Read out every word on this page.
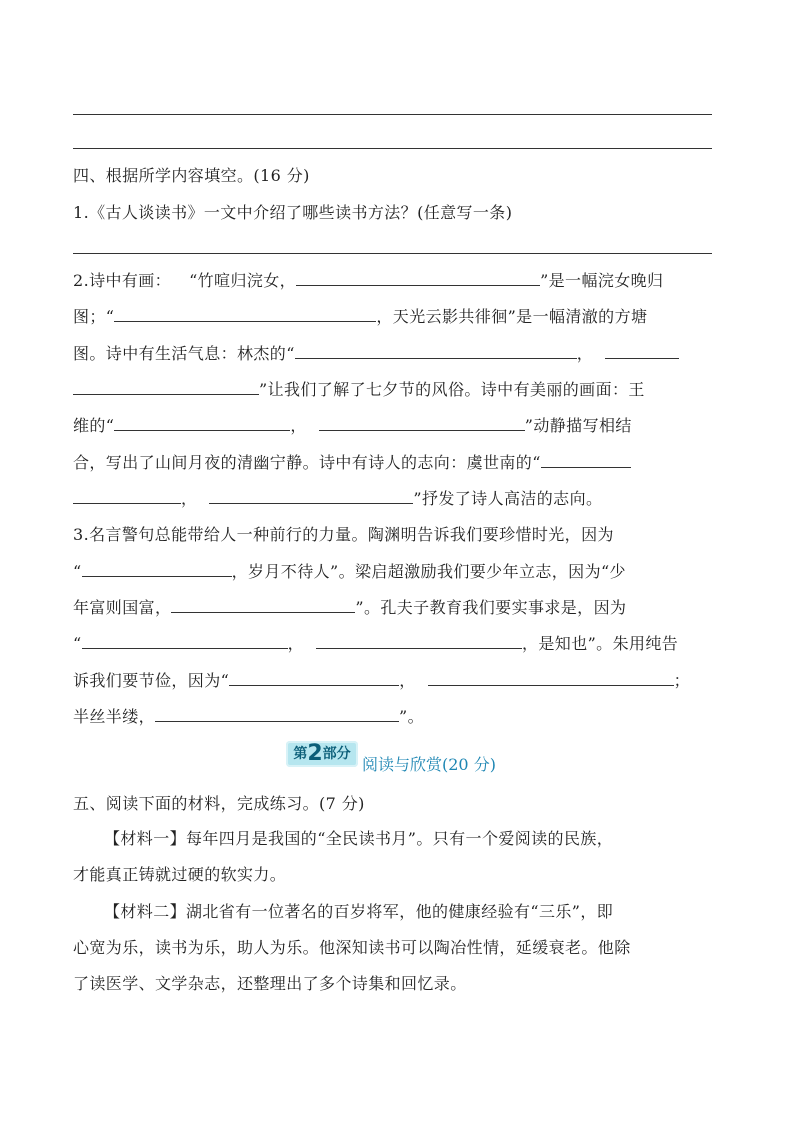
四、根据所学内容填空。(16 分)
1.《古人谈读书》一文中介绍了哪些读书方法？(任意写一条)
2.诗中有画： “竹喧归浣女，	”是一幅浣女晚归
图；“	，天光云影共徘徊”是一幅清澈的方塘
图。诗中有生活气息：林杰的“	，
”让我们了解了七夕节的风俗。诗中有美丽的画面：王
维的“	，	”动静描写相结
合，写出了山间月夜的清幽宁静。诗中有诗人的志向：虞世南的“
，	”抒发了诗人高洁的志向。
3.名言警句总能带给人一种前行的力量。陶渊明告诉我们要珍惜时光，因为
“	，岁月不待人”。梁启超激励我们要少年立志，因为“少
年富则国富，	”。孔夫子教育我们要实事求是，因为
“	，	，是知也”。朱用纯告
诉我们要节俭，因为“	，	；
半丝半缕，	”。
第2部分
阅读与欣赏(20 分)
五、阅读下面的材料，完成练习。(7 分)
【材料一】每年四月是我国的“全民读书月”。只有一个爱阅读的民族，
才能真正铸就过硬的软实力。
【材料二】湖北省有一位著名的百岁将军，他的健康经验有“三乐”，即
心宽为乐，读书为乐，助人为乐。他深知读书可以陶冶性情，延缓衰老。他除
了读医学、文学杂志，还整理出了多个诗集和回忆录。
